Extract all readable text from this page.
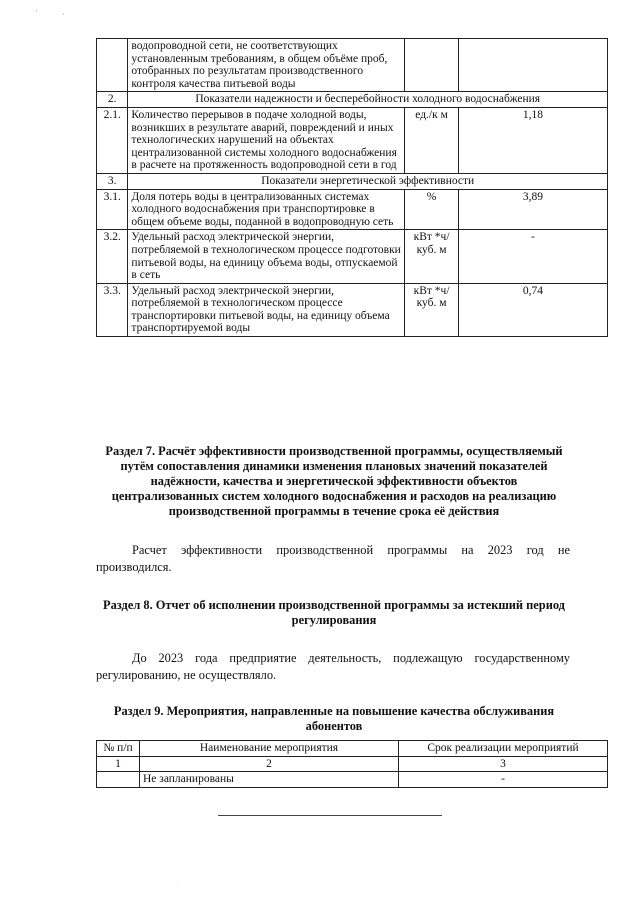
' ,
	водопроводной сети, не соответствующих установленным требованиям, в общем объёме проб, отобранных по результатам производственного контроля качества питьевой воды		
2.	Показатели надежности и бесперебойности холодного водоснабжения		
2.1.	Количество перерывов в подаче холодной воды, возникших в результате аварий, повреждений и иных технологических нарушений на объектах централизованной системы холодного водоснабжения в расчете на протяженность водопроводной сети в год	ед./к м	1,18
3.	Показатели энергетической эффективности		
3.1.	Доля потерь воды в централизованных системах холодного водоснабжения при транспортировке в общем объеме воды, поданной в водопроводную сеть	%	3,89
3.2.	Удельный расход электрической энергии, потребляемой в технологическом процессе подготовки питьевой воды, на единицу объема воды, отпускаемой в сеть	кВт *ч/ куб. м	-
3.3.	Удельный расход электрической энергии, потребляемой в технологическом процессе транспортировки питьевой воды, на единицу объема транспортируемой воды	кВт *ч/ куб. м	0,74
Раздел 7. Расчёт эффективности производственной программы, осуществляемый путём сопоставления динамики изменения плановых значений показателей надёжности, качества и энергетической эффективности объектов централизованных систем холодного водоснабжения и расходов на реализацию производственной программы в течение срока её действия
Расчет эффективности производственной программы на 2023 год не производился.
Раздел 8. Отчет об исполнении производственной программы за истекший период регулирования
До 2023 года предприятие деятельность, подлежащую государственному регулированию, не осуществляло.
Раздел 9. Мероприятия, направленные на повышение качества обслуживания абонентов
№ п/п	Наименование мероприятия	Срок реализации мероприятий
1	2	3
	Не запланированы	-
·
